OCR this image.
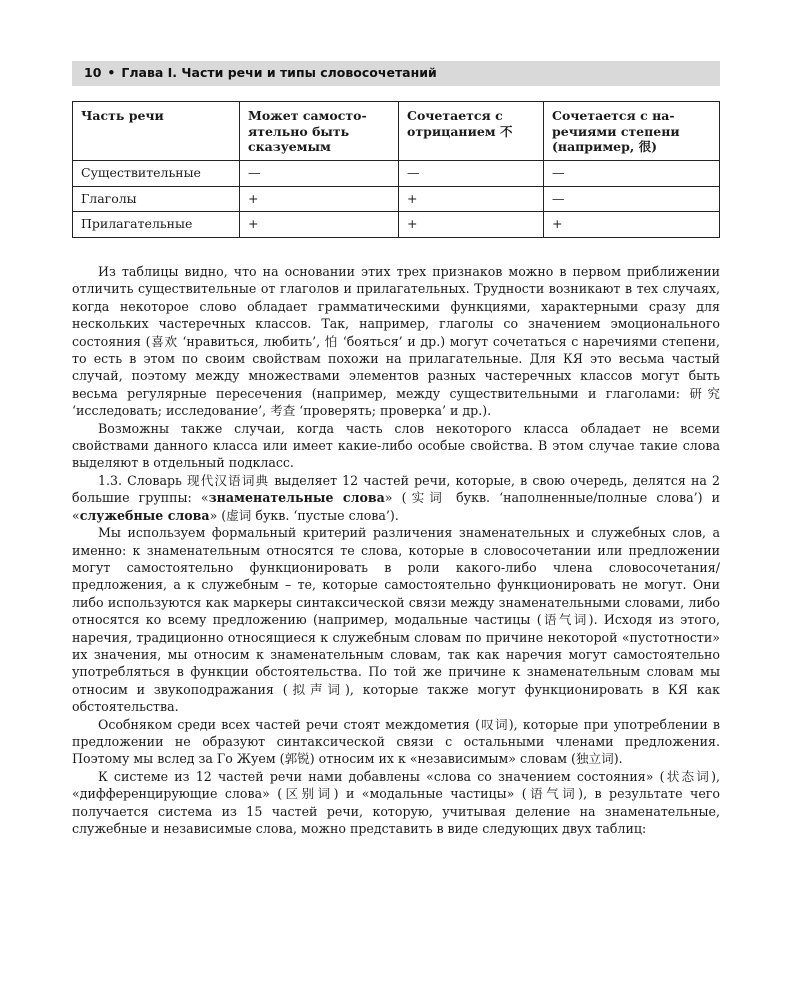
10 • Глава I. Части речи и типы словосочетаний
Часть речи	Может самосто-ятельно быть сказуемым	Сочетается с отрицанием 不	Сочетается с на-речиями степени (например, 很)
Существительные	—	—	—
Глаголы	+	+	—
Прилагательные	+	+	+

Из таблицы видно, что на основании этих трех признаков можно в первом приближении отличить существительные от глаголов и прилагательных. Трудности возникают в тех случаях, когда некоторое слово обладает грамматическими функциями, характерными сразу для нескольких частеречных классов. Так, например, глаголы со значением эмоционального состояния (喜欢 ‘нравиться, любить’, 怕 ‘бояться’ и др.) могут сочетаться с наречиями степени, то есть в этом по своим свойствам похожи на прилагательные. Для КЯ это весьма частый случай, поэтому между множествами элементов разных частеречных классов могут быть весьма регулярные пересечения (например, между существительными и глаголами: 研究 ‘исследовать; исследование’, 考查 ‘проверять; проверка’ и др.).

Возможны также случаи, когда часть слов некоторого класса обладает не всеми свойствами данного класса или имеет какие-либо особые свойства. В этом случае такие слова выделяют в отдельный подкласс.

1.3. Словарь 现代汉语词典 выделяет 12 частей речи, которые, в свою очередь, делятся на 2 большие группы: «знаменательные слова» (实词 букв. ‘наполненные/полные слова’) и «служебные слова» (虚词 букв. ‘пустые слова’).

Мы используем формальный критерий различения знаменательных и служебных слов, а именно: к знаменательным относятся те слова, которые в словосочетании или предложении могут самостоятельно функционировать в роли какого-либо члена словосочетания/предложения, а к служебным – те, которые самостоятельно функционировать не могут. Они либо используются как маркеры синтаксической связи между знаменательными словами, либо относятся ко всему предложению (например, модальные частицы (语气词). Исходя из этого, наречия, традиционно относящиеся к служебным словам по причине некоторой «пустотности» их значения, мы относим к знаменательным словам, так как наречия могут самостоятельно употребляться в функции обстоятельства. По той же причине к знаменательным словам мы относим и звукоподражания (拟声词), которые также могут функционировать в КЯ как обстоятельства.

Особняком среди всех частей речи стоят междометия (叹词), которые при употреблении в предложении не образуют синтаксической связи с остальными членами предложения. Поэтому мы вслед за Го Жуем (郭锐) относим их к «независимым» словам (独立词).

К системе из 12 частей речи нами добавлены «слова со значением состояния» (状态词), «дифференцирующие слова» (区别词) и «модальные частицы» (语气词), в результате чего получается система из 15 частей речи, которую, учитывая деление на знаменательные, служебные и независимые слова, можно представить в виде следующих двух таблиц:
